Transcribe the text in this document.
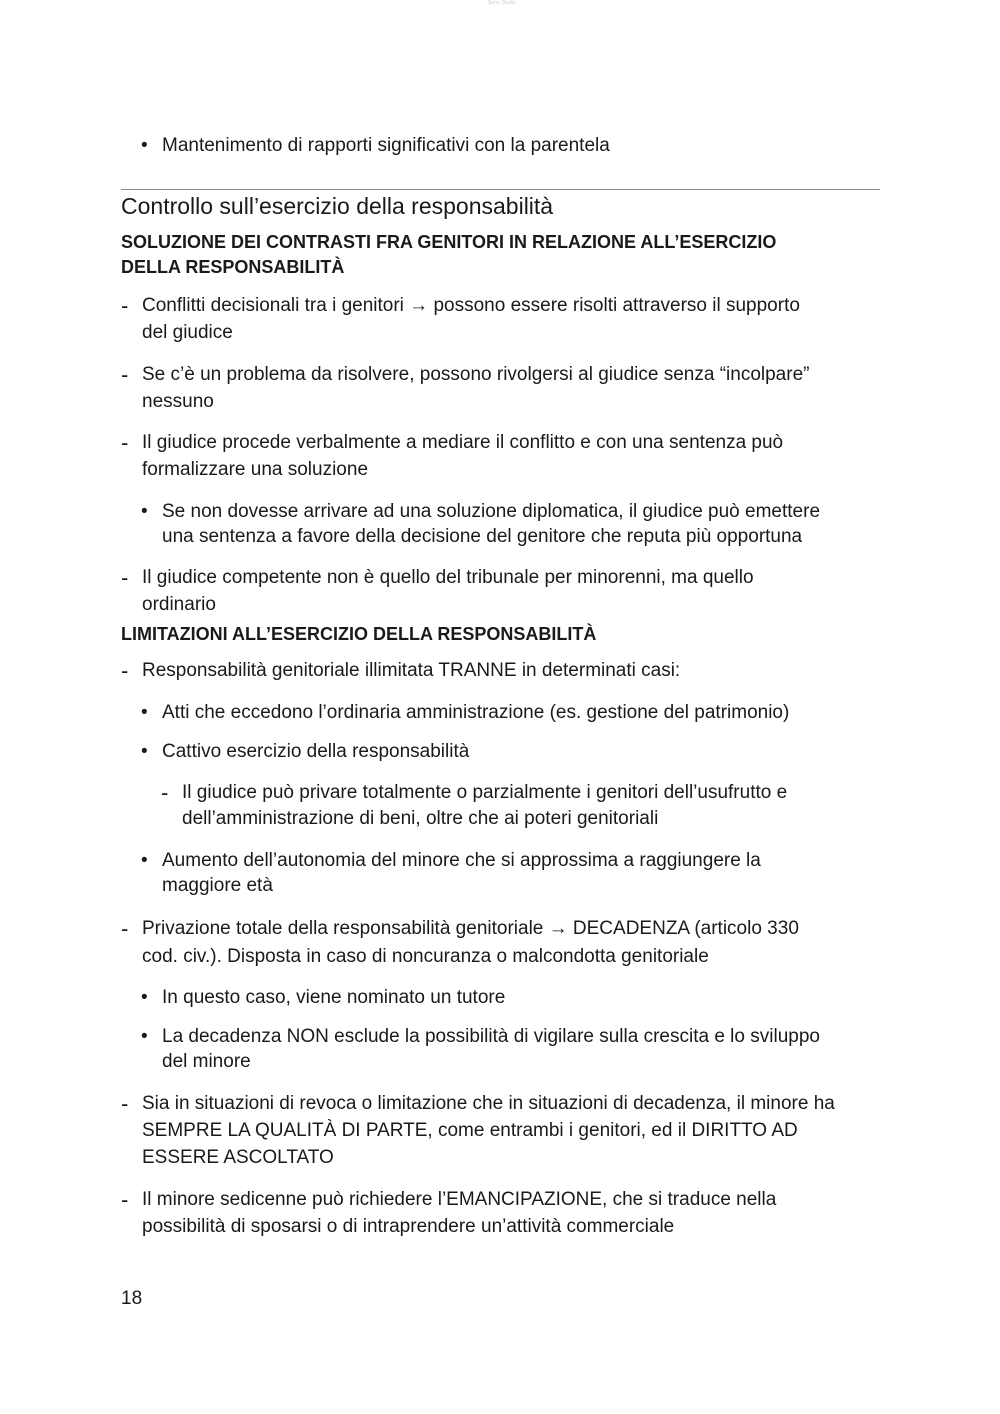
Sorry Studio
• Mantenimento di rapporti significativi con la parentela
Controllo sull’esercizio della responsabilità
SOLUZIONE DEI CONTRASTI FRA GENITORI IN RELAZIONE ALL’ESERCIZIO
DELLA RESPONSABILITÀ
- Conflitti decisionali tra i genitori → possono essere risolti attraverso il supporto
del giudice
- Se c’è un problema da risolvere, possono rivolgersi al giudice senza “incolpare”
nessuno
- Il giudice procede verbalmente a mediare il conflitto e con una sentenza può
formalizzare una soluzione
• Se non dovesse arrivare ad una soluzione diplomatica, il giudice può emettere
una sentenza a favore della decisione del genitore che reputa più opportuna
- Il giudice competente non è quello del tribunale per minorenni, ma quello
ordinario
LIMITAZIONI ALL’ESERCIZIO DELLA RESPONSABILITÀ
- Responsabilità genitoriale illimitata TRANNE in determinati casi:
• Atti che eccedono l’ordinaria amministrazione (es. gestione del patrimonio)
• Cattivo esercizio della responsabilità
- Il giudice può privare totalmente o parzialmente i genitori dell’usufrutto e
dell’amministrazione di beni, oltre che ai poteri genitoriali
• Aumento dell’autonomia del minore che si approssima a raggiungere la
maggiore età
- Privazione totale della responsabilità genitoriale → DECADENZA (articolo 330
cod. civ.). Disposta in caso di noncuranza o malcondotta genitoriale
• In questo caso, viene nominato un tutore
• La decadenza NON esclude la possibilità di vigilare sulla crescita e lo sviluppo
del minore
- Sia in situazioni di revoca o limitazione che in situazioni di decadenza, il minore ha
SEMPRE LA QUALITÀ DI PARTE, come entrambi i genitori, ed il DIRITTO AD
ESSERE ASCOLTATO
- Il minore sedicenne può richiedere l’EMANCIPAZIONE, che si traduce nella
possibilità di sposarsi o di intraprendere un’attività commerciale
18
